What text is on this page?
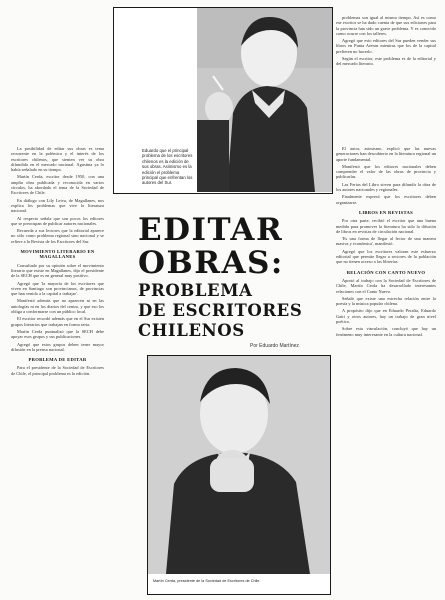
La posibilidad de editar sus obras es tema recurrente en la polémica y el interés de los escritores chilenos, que sienten ver su obra difundida en el mercado nacional. Agustina ya lo había señalado en su tiempo.

Martín Cerda, escritor desde 1950, con una amplia obra publicada y reconocida en varios círculos, ha abordado el tema de la Sociedad de Escritores de Chile.

En diálogo con Lily Leiva, de Magallanes, nos explica los problemas que vive la literatura nacional.

Al respecto señala que son pocos los editores que se preocupan de publicar autores nacionales.

Recuerda a sus lectores que la editorial aparece no sólo como problema regional sino nacional y se refiere a la Revista de los Escritores del Sur.

MOVIMIENTO LITERARIO EN MAGALLANES

Consultado por su opinión sobre el movimiento literario que existe en Magallanes, dijo el presidente de la SECH que es en general muy positivo.

Agregó que 'la mayoría de los escritores que viven en Santiago son provincianos, de provincias que han venido a la capital a trabajar'.

Manifestó además que no aparecen ni en las antologías ni en los diarios del centro, y que eso los obliga a conformarse con un público local.

El escritor recordó además que en el Sur existen grupos literarios que trabajan en forma seria.

Martín Cerda puntualizó que la SECH debe apoyar esos grupos y sus publicaciones.

Agregó que estos grupos deben tener mayor difusión en la prensa nacional.

PROBLEMA DE EDITAR

Para el presidente de la Sociedad de Escritores de Chile, el principal problema es la edición.

Eduardo que el principal problema de los escritores chilenos es la edición de sus obras. Asimismo es la edición el problema principal que enfrentan los autores del Sur.

problemas son igual al mismo tiempo. Así es como ese escritor se ha dado cuenta de que sus ediciones para la provincia han sido un grave problema. Y es conocido como ocurre con los talleres.

Agregó que esto editores del Sur pueden vender sus libros en Punta Arenas mientras que los de la capital prefieren no hacerlo.

Según el escritor, este problema es de la editorial y del mercado literario.

EDITAR
OBRAS:
PROBLEMA
DE ESCRITORES
CHILENOS
Por Eduardo Martínez
Martín Cerda, presidente de la Sociedad de Escritores de Chile.

El autor, asimismo, explicó que las nuevas generaciones han descubierto en la literatura regional un aporte fundamental.

Manifestó que los editores nacionales deben comprender el valor de las obras de provincia y publicarlas.

Las Ferias del Libro sirven para difundir la obra de los autores nacionales y regionales.

Finalmente expresó que los escritores deben organizarse.

LIBROS EN REVISTAS

Por otra parte, recibió el escritor que una buena medida para promover la literatura ha sido la difusión de libros en revistas de circulación nacional.

'Es una forma de llegar al lector de una manera masiva y económica', manifestó.

Agregó que los escritores valoran este esfuerzo editorial que permite llegar a sectores de la población que no tienen acceso a las librerías.

RELACIÓN CON CANTO NUEVO

Aportó al trabajo con la Sociedad de Escritores de Chile, Martín Cerda ha desarrollado interesantes relaciones con el Canto Nuevo.

Señaló que existe una estrecha relación entre la poesía y la música popular chilena.

A propósito dijo que en Eduardo Peralta, Eduardo Gatti y otros autores, hay un trabajo de gran nivel poético.

Sobre esta vinculación, concluyó que hay un fenómeno muy interesante en la cultura nacional.
